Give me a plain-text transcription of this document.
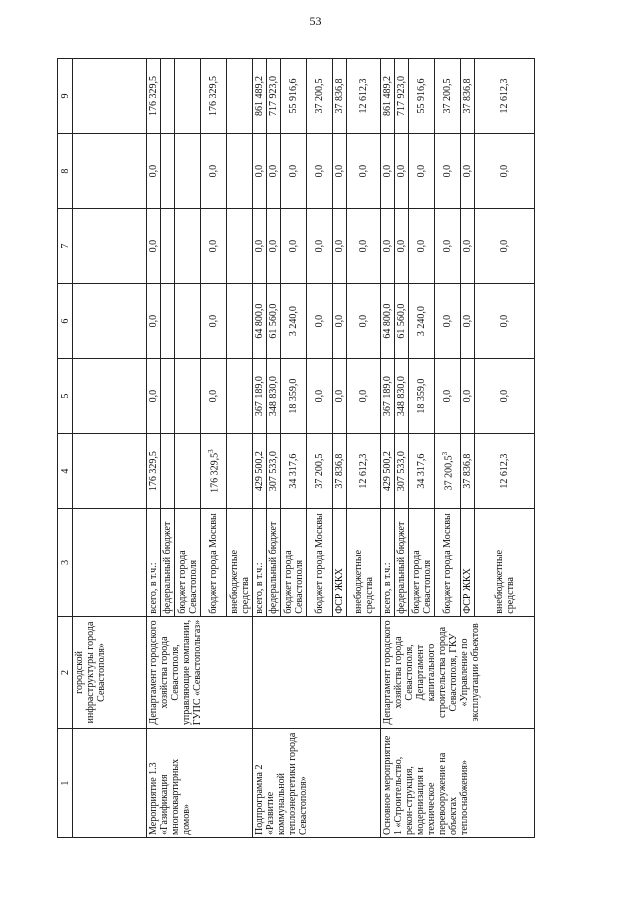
53
1	2	3	4	5	6	7	8	9
	городской инфраструктуры города Севастополя»							
Мероприятие 1.3 «Газификация многоквартирных домов»	Департамент городского хозяйства города Севастополя, управляющие компании, ГУПС «Севастопольгаз»	всего, в т.ч.:	176 329,5	0,0	0,0	0,0	0,0	176 329,5
		федеральный бюджет						
		бюджет города Севастополя						
		бюджет города Москвы	176 329,5$^3$	0,0	0,0	0,0	0,0	176 329,5
		внебюджетные средства						
Подпрограмма 2 «Развитие коммунальной теплоэнергетики города Севастополя»		всего, в т.ч.:	429 500,2	367 189,0	64 800,0	0,0	0,0	861 489,2
		федеральный бюджет	307 533,0	348 830,0	61 560,0	0,0	0,0	717 923,0
		бюджет города Севастополя	34 317,6	18 359,0	3 240,0	0,0	0,0	55 916,6
		бюджет города Москвы	37 200,5	0,0	0,0	0,0	0,0	37 200,5
		ФСР ЖКХ	37 836,8	0,0	0,0	0,0	0,0	37 836,8
		внебюджетные средства	12 612,3	0,0	0,0	0,0	0,0	12 612,3
Основное мероприятие 1 «Строительство, рекон-струкция, модернизация и техническое перевооружение на объектах теплоснабжения»	Департамент городского хозяйства города Севастополя, Департамент капитального строительства города Севастополя, ГКУ «Управление по эксплуатации объектов	всего, в т.ч.:	429 500,2	367 189,0	64 800,0	0,0	0,0	861 489,2
		федеральный бюджет	307 533,0	348 830,0	61 560,0	0,0	0,0	717 923,0
		бюджет города Севастополя	34 317,6	18 359,0	3 240,0	0,0	0,0	55 916,6
		бюджет города Москвы	37 200,5$^3$	0,0	0,0	0,0	0,0	37 200,5
		ФСР ЖКХ	37 836,8	0,0	0,0	0,0	0,0	37 836,8
		внебюджетные средства	12 612,3	0,0	0,0	0,0	0,0	12 612,3
